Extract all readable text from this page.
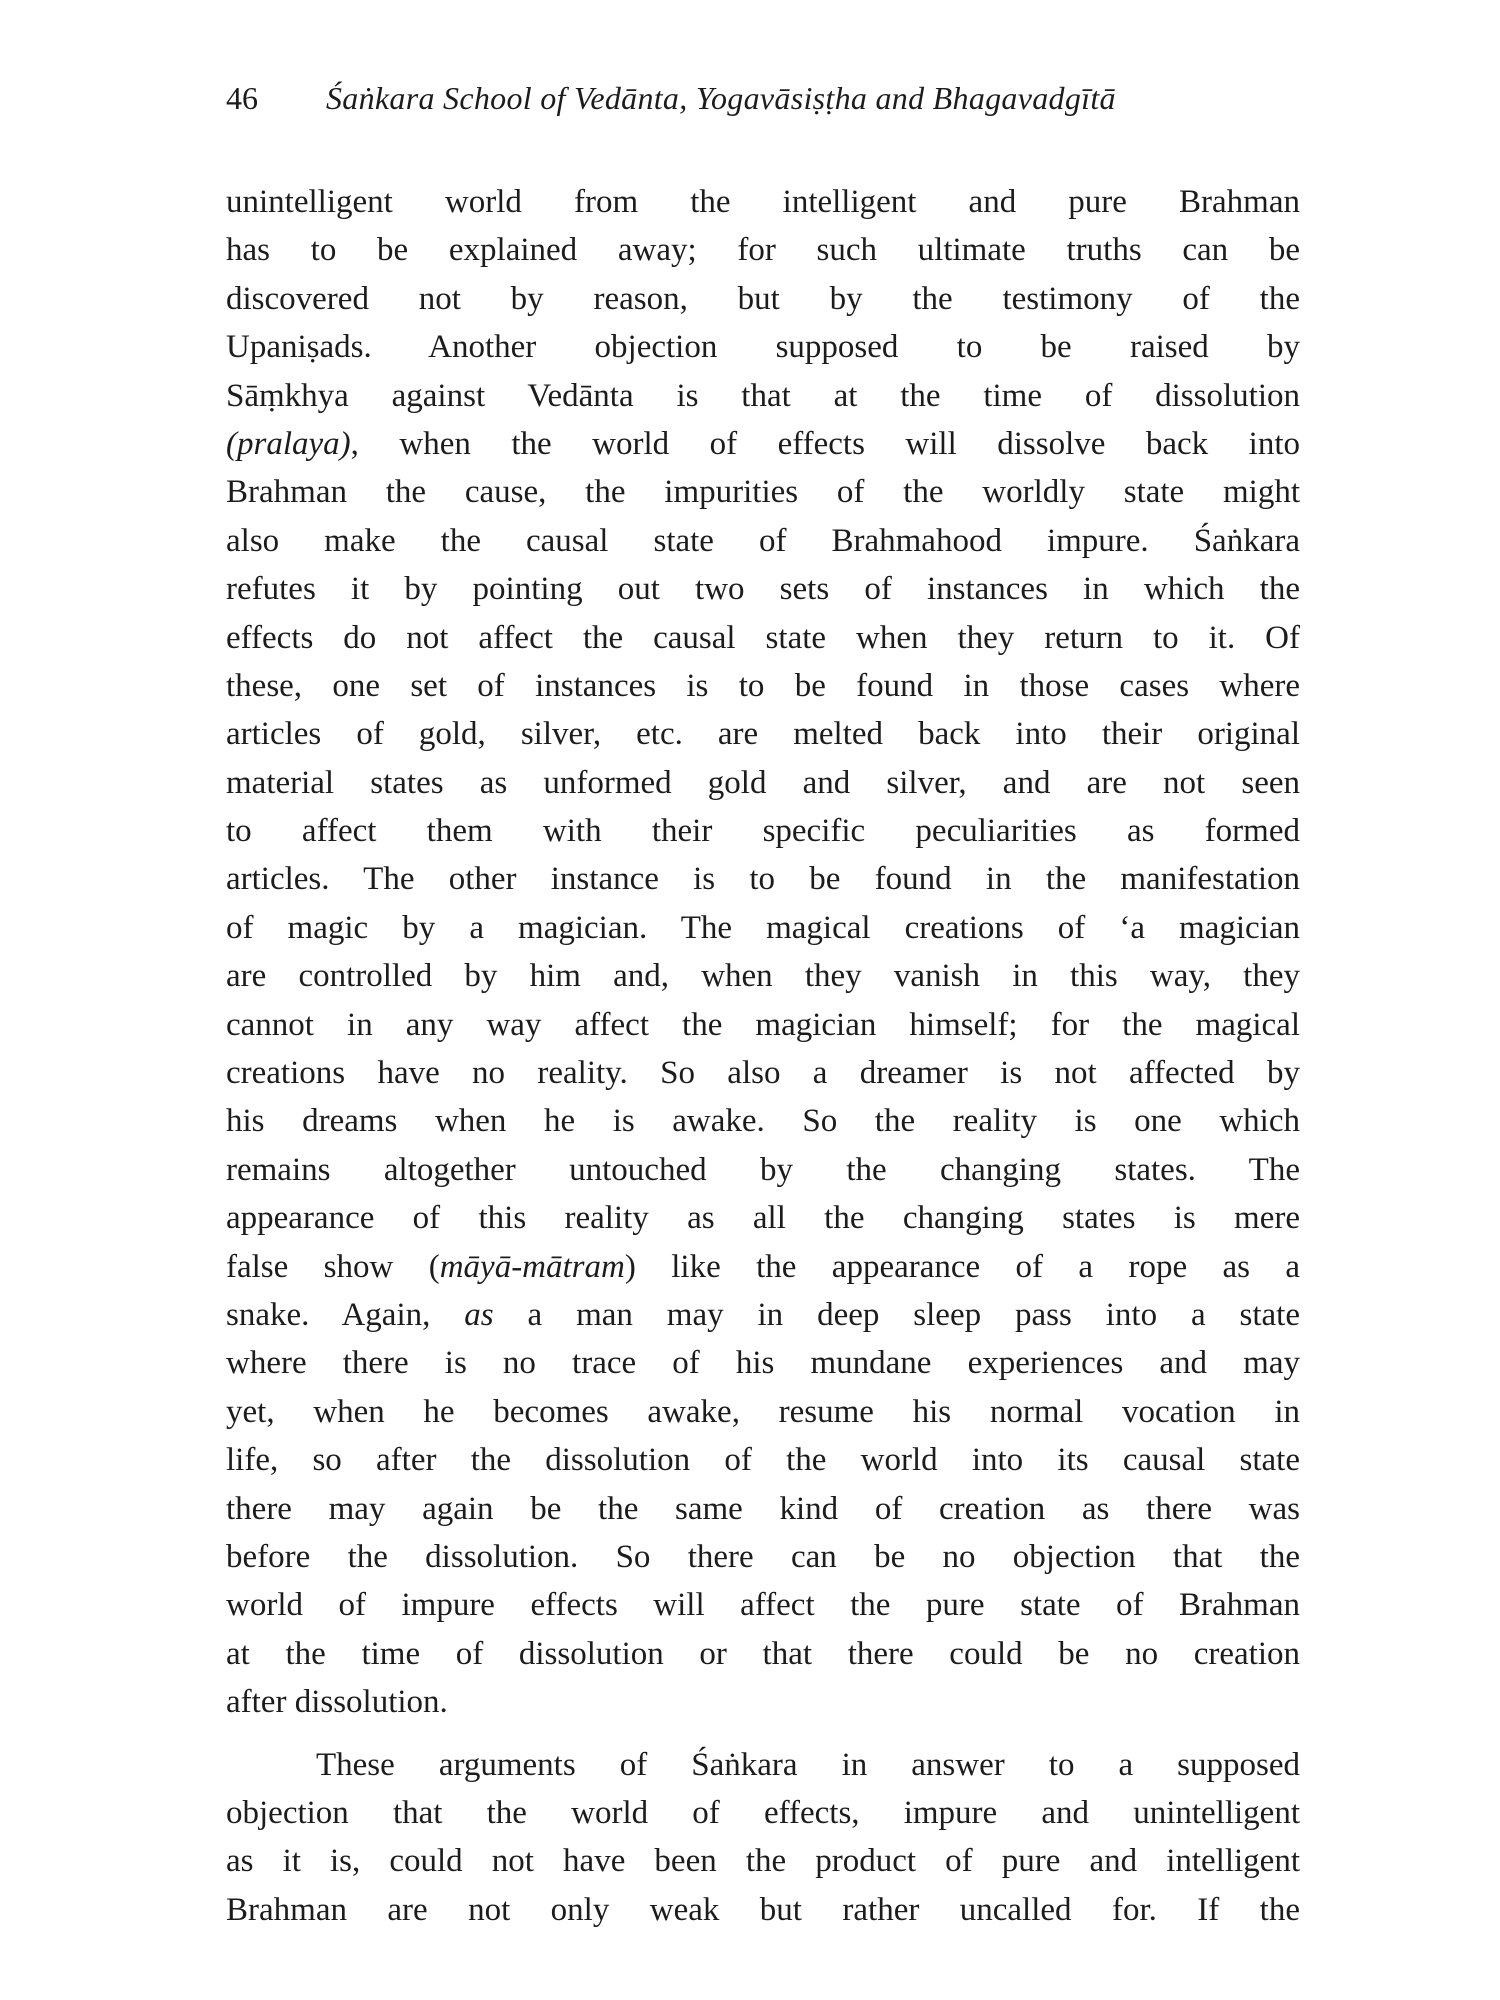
46	Śaṅkara School of Vedānta, Yogavāsiṣṭha and Bhagavadgītā
unintelligent world from the intelligent and pure Brahman
has to be explained away; for such ultimate truths can be
discovered not by reason, but by the testimony of the
Upaniṣads. Another objection supposed to be raised by
Sāṃkhya against Vedānta is that at the time of dissolution
(pralaya), when the world of effects will dissolve back into
Brahman the cause, the impurities of the worldly state might
also make the causal state of Brahmahood impure. Śaṅkara
refutes it by pointing out two sets of instances in which the
effects do not affect the causal state when they return to it. Of
these, one set of instances is to be found in those cases where
articles of gold, silver, etc. are melted back into their original
material states as unformed gold and silver, and are not seen
to affect them with their specific peculiarities as formed
articles. The other instance is to be found in the manifestation
of magic by a magician. The magical creations of ‘a magician
are controlled by him and, when they vanish in this way, they
cannot in any way affect the magician himself; for the magical
creations have no reality. So also a dreamer is not affected by
his dreams when he is awake. So the reality is one which
remains altogether untouched by the changing states. The
appearance of this reality as all the changing states is mere
false show (māyā-mātram) like the appearance of a rope as a
snake. Again, as a man may in deep sleep pass into a state
where there is no trace of his mundane experiences and may
yet, when he becomes awake, resume his normal vocation in
life, so after the dissolution of the world into its causal state
there may again be the same kind of creation as there was
before the dissolution. So there can be no objection that the
world of impure effects will affect the pure state of Brahman
at the time of dissolution or that there could be no creation
after dissolution.
These arguments of Śaṅkara in answer to a supposed
objection that the world of effects, impure and unintelligent
as it is, could not have been the product of pure and intelligent
Brahman are not only weak but rather uncalled for. If the
